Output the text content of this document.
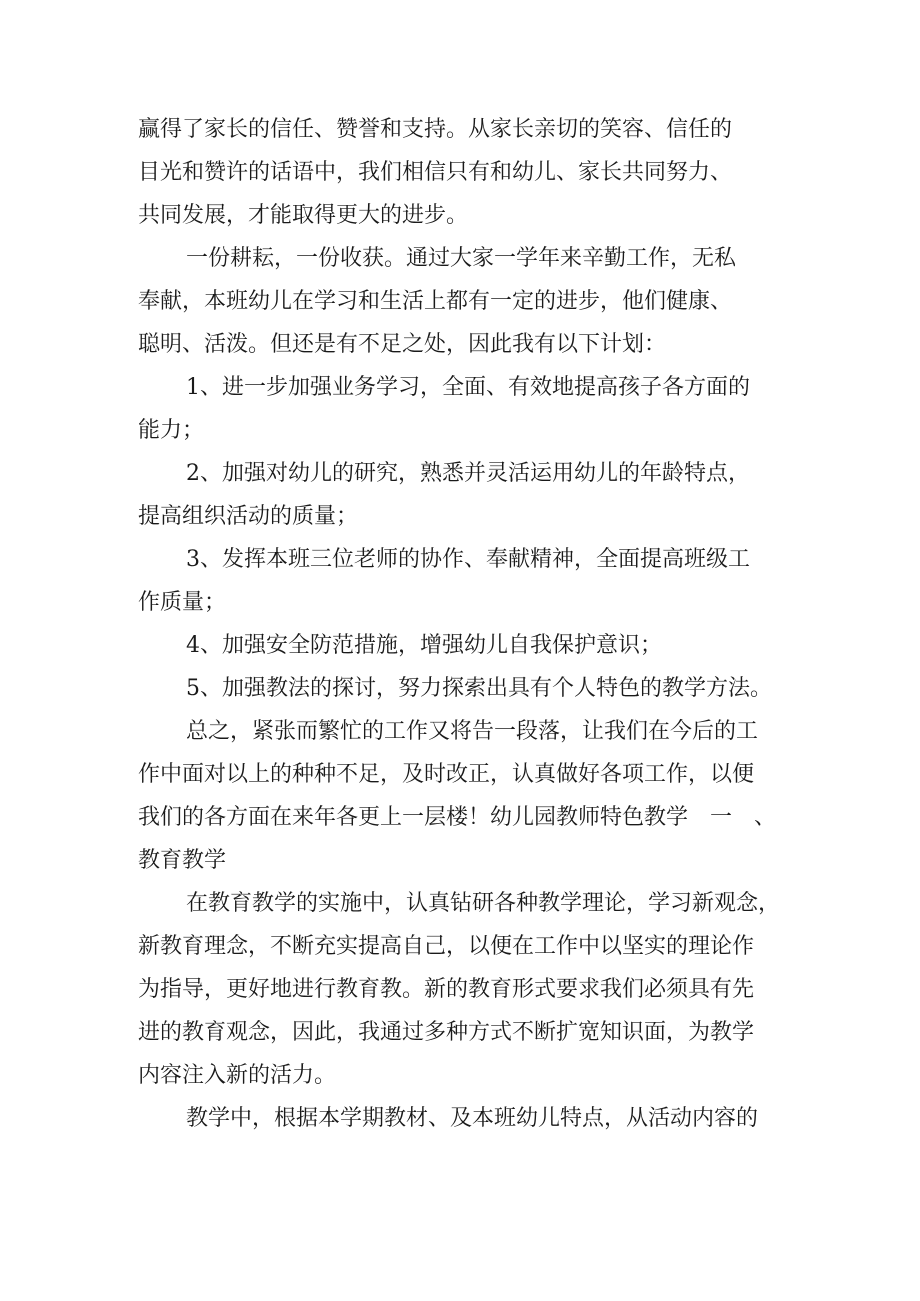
赢得了家长的信任、赞誉和支持。从家长亲切的笑容、信任的
目光和赞许的话语中，我们相信只有和幼儿、家长共同努力、
共同发展，才能取得更大的进步。
一份耕耘，一份收获。通过大家一学年来辛勤工作，无私
奉献，本班幼儿在学习和生活上都有一定的进步，他们健康、
聪明、活泼。但还是有不足之处，因此我有以下计划：
1、进一步加强业务学习，全面、有效地提高孩子各方面的
能力；
2、加强对幼儿的研究，熟悉并灵活运用幼儿的年龄特点，
提高组织活动的质量；
3、发挥本班三位老师的协作、奉献精神，全面提高班级工
作质量；
4、加强安全防范措施，增强幼儿自我保护意识；
5、加强教法的探讨，努力探索出具有个人特色的教学方法。
总之，紧张而繁忙的工作又将告一段落，让我们在今后的工
作中面对以上的种种不足，及时改正，认真做好各项工作，以便
我们的各方面在来年各更上一层楼！幼儿园教师特色教学　一　、
教育教学
在教育教学的实施中，认真钻研各种教学理论，学习新观念，
新教育理念，不断充实提高自己，以便在工作中以坚实的理论作
为指导，更好地进行教育教。新的教育形式要求我们必须具有先
进的教育观念，因此，我通过多种方式不断扩宽知识面，为教学
内容注入新的活力。
教学中，根据本学期教材、及本班幼儿特点，从活动内容的
